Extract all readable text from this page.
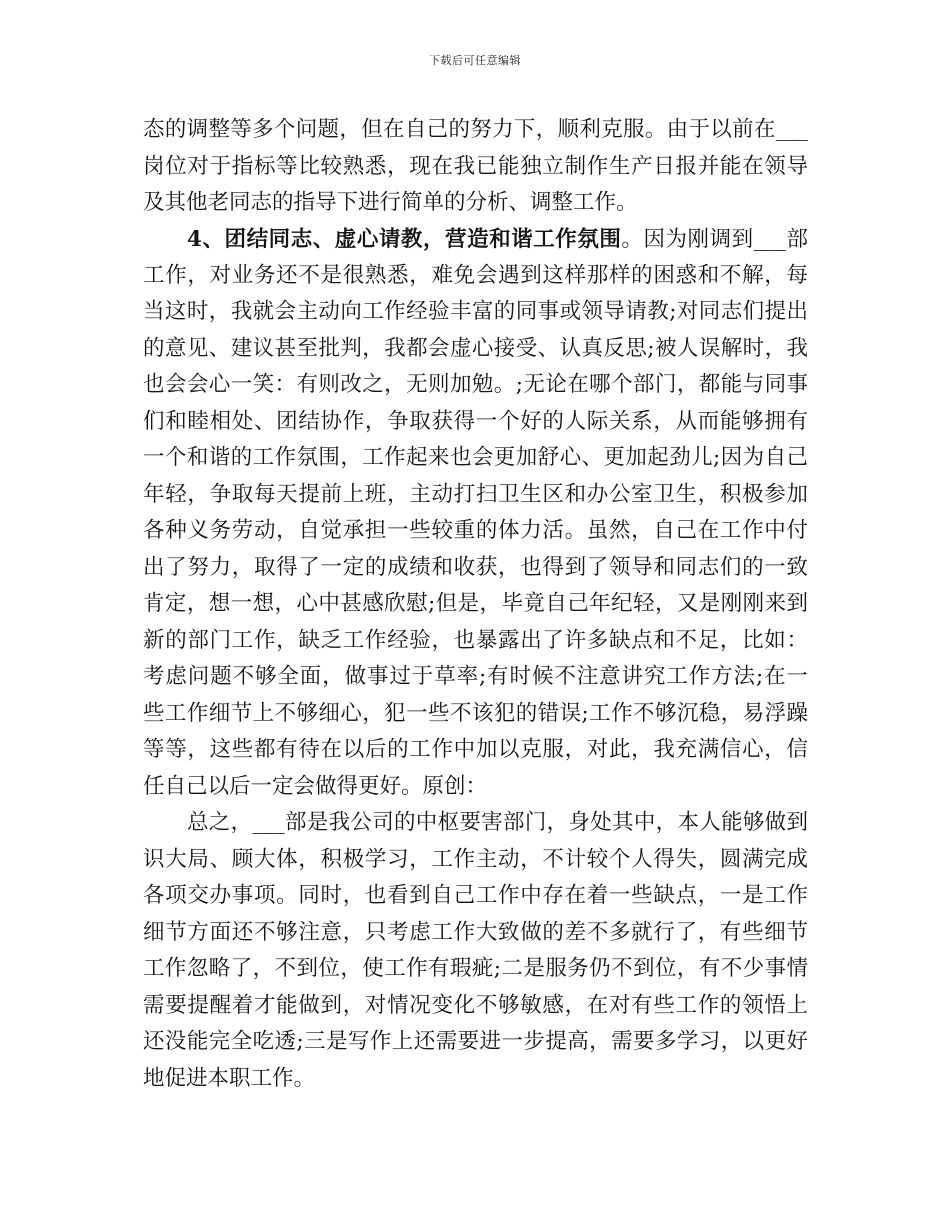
下载后可任意编辑
态的调整等多个问题，但在自己的努力下，顺利克服。由于以前在___
岗位对于指标等比较熟悉，现在我已能独立制作生产日报并能在领导
及其他老同志的指导下进行简单的分析、调整工作。
4、团结同志、虚心请教，营造和谐工作氛围。因为刚调到___部
工作，对业务还不是很熟悉，难免会遇到这样那样的困惑和不解，每
当这时，我就会主动向工作经验丰富的同事或领导请教;对同志们提出
的意见、建议甚至批判，我都会虚心接受、认真反思;被人误解时，我
也会会心一笑：有则改之，无则加勉。;无论在哪个部门，都能与同事
们和睦相处、团结协作，争取获得一个好的人际关系，从而能够拥有
一个和谐的工作氛围，工作起来也会更加舒心、更加起劲儿;因为自己
年轻，争取每天提前上班，主动打扫卫生区和办公室卫生，积极参加
各种义务劳动，自觉承担一些较重的体力活。虽然，自己在工作中付
出了努力，取得了一定的成绩和收获，也得到了领导和同志们的一致
肯定，想一想，心中甚感欣慰;但是，毕竟自己年纪轻，又是刚刚来到
新的部门工作，缺乏工作经验，也暴露出了许多缺点和不足，比如：
考虑问题不够全面，做事过于草率;有时候不注意讲究工作方法;在一
些工作细节上不够细心，犯一些不该犯的错误;工作不够沉稳，易浮躁
等等，这些都有待在以后的工作中加以克服，对此，我充满信心，信
任自己以后一定会做得更好。原创：
总之，___部是我公司的中枢要害部门，身处其中，本人能够做到
识大局、顾大体，积极学习，工作主动，不计较个人得失，圆满完成
各项交办事项。同时，也看到自己工作中存在着一些缺点，一是工作
细节方面还不够注意，只考虑工作大致做的差不多就行了，有些细节
工作忽略了，不到位，使工作有瑕疵;二是服务仍不到位，有不少事情
需要提醒着才能做到，对情况变化不够敏感，在对有些工作的领悟上
还没能完全吃透;三是写作上还需要进一步提高，需要多学习，以更好
地促进本职工作。
